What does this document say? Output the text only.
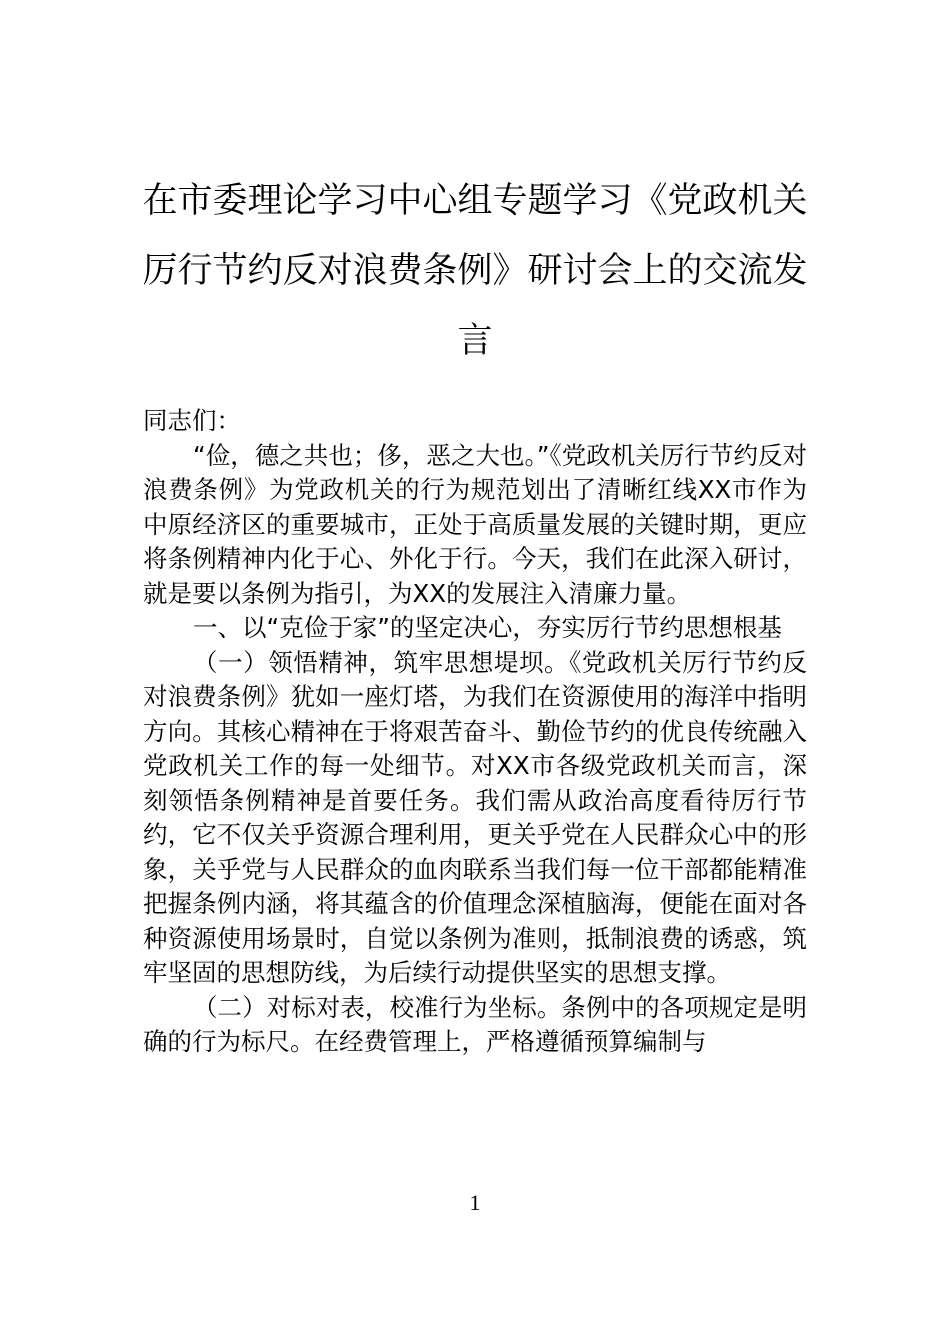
在市委理论学习中心组专题学习《党政机关厉行节约反对浪费条例》研讨会上的交流发言

同志们：

“俭，德之共也；侈，恶之大也。”《党政机关厉行节约反对浪费条例》为党政机关的行为规范划出了清晰红线XX市作为中原经济区的重要城市，正处于高质量发展的关键时期，更应将条例精神内化于心、外化于行。今天，我们在此深入研讨，就是要以条例为指引，为XX的发展注入清廉力量。

一、以“克俭于家”的坚定决心，夯实厉行节约思想根基

（一）领悟精神，筑牢思想堤坝。《党政机关厉行节约反对浪费条例》犹如一座灯塔，为我们在资源使用的海洋中指明方向。其核心精神在于将艰苦奋斗、勤俭节约的优良传统融入党政机关工作的每一处细节。对XX市各级党政机关而言，深刻领悟条例精神是首要任务。我们需从政治高度看待厉行节约，它不仅关乎资源合理利用，更关乎党在人民群众心中的形象，关乎党与人民群众的血肉联系当我们每一位干部都能精准把握条例内涵，将其蕴含的价值理念深植脑海，便能在面对各种资源使用场景时，自觉以条例为准则，抵制浪费的诱惑，筑牢坚固的思想防线，为后续行动提供坚实的思想支撑。

（二）对标对表，校准行为坐标。条例中的各项规定是明确的行为标尺。在经费管理上，严格遵循预算编制与

1
